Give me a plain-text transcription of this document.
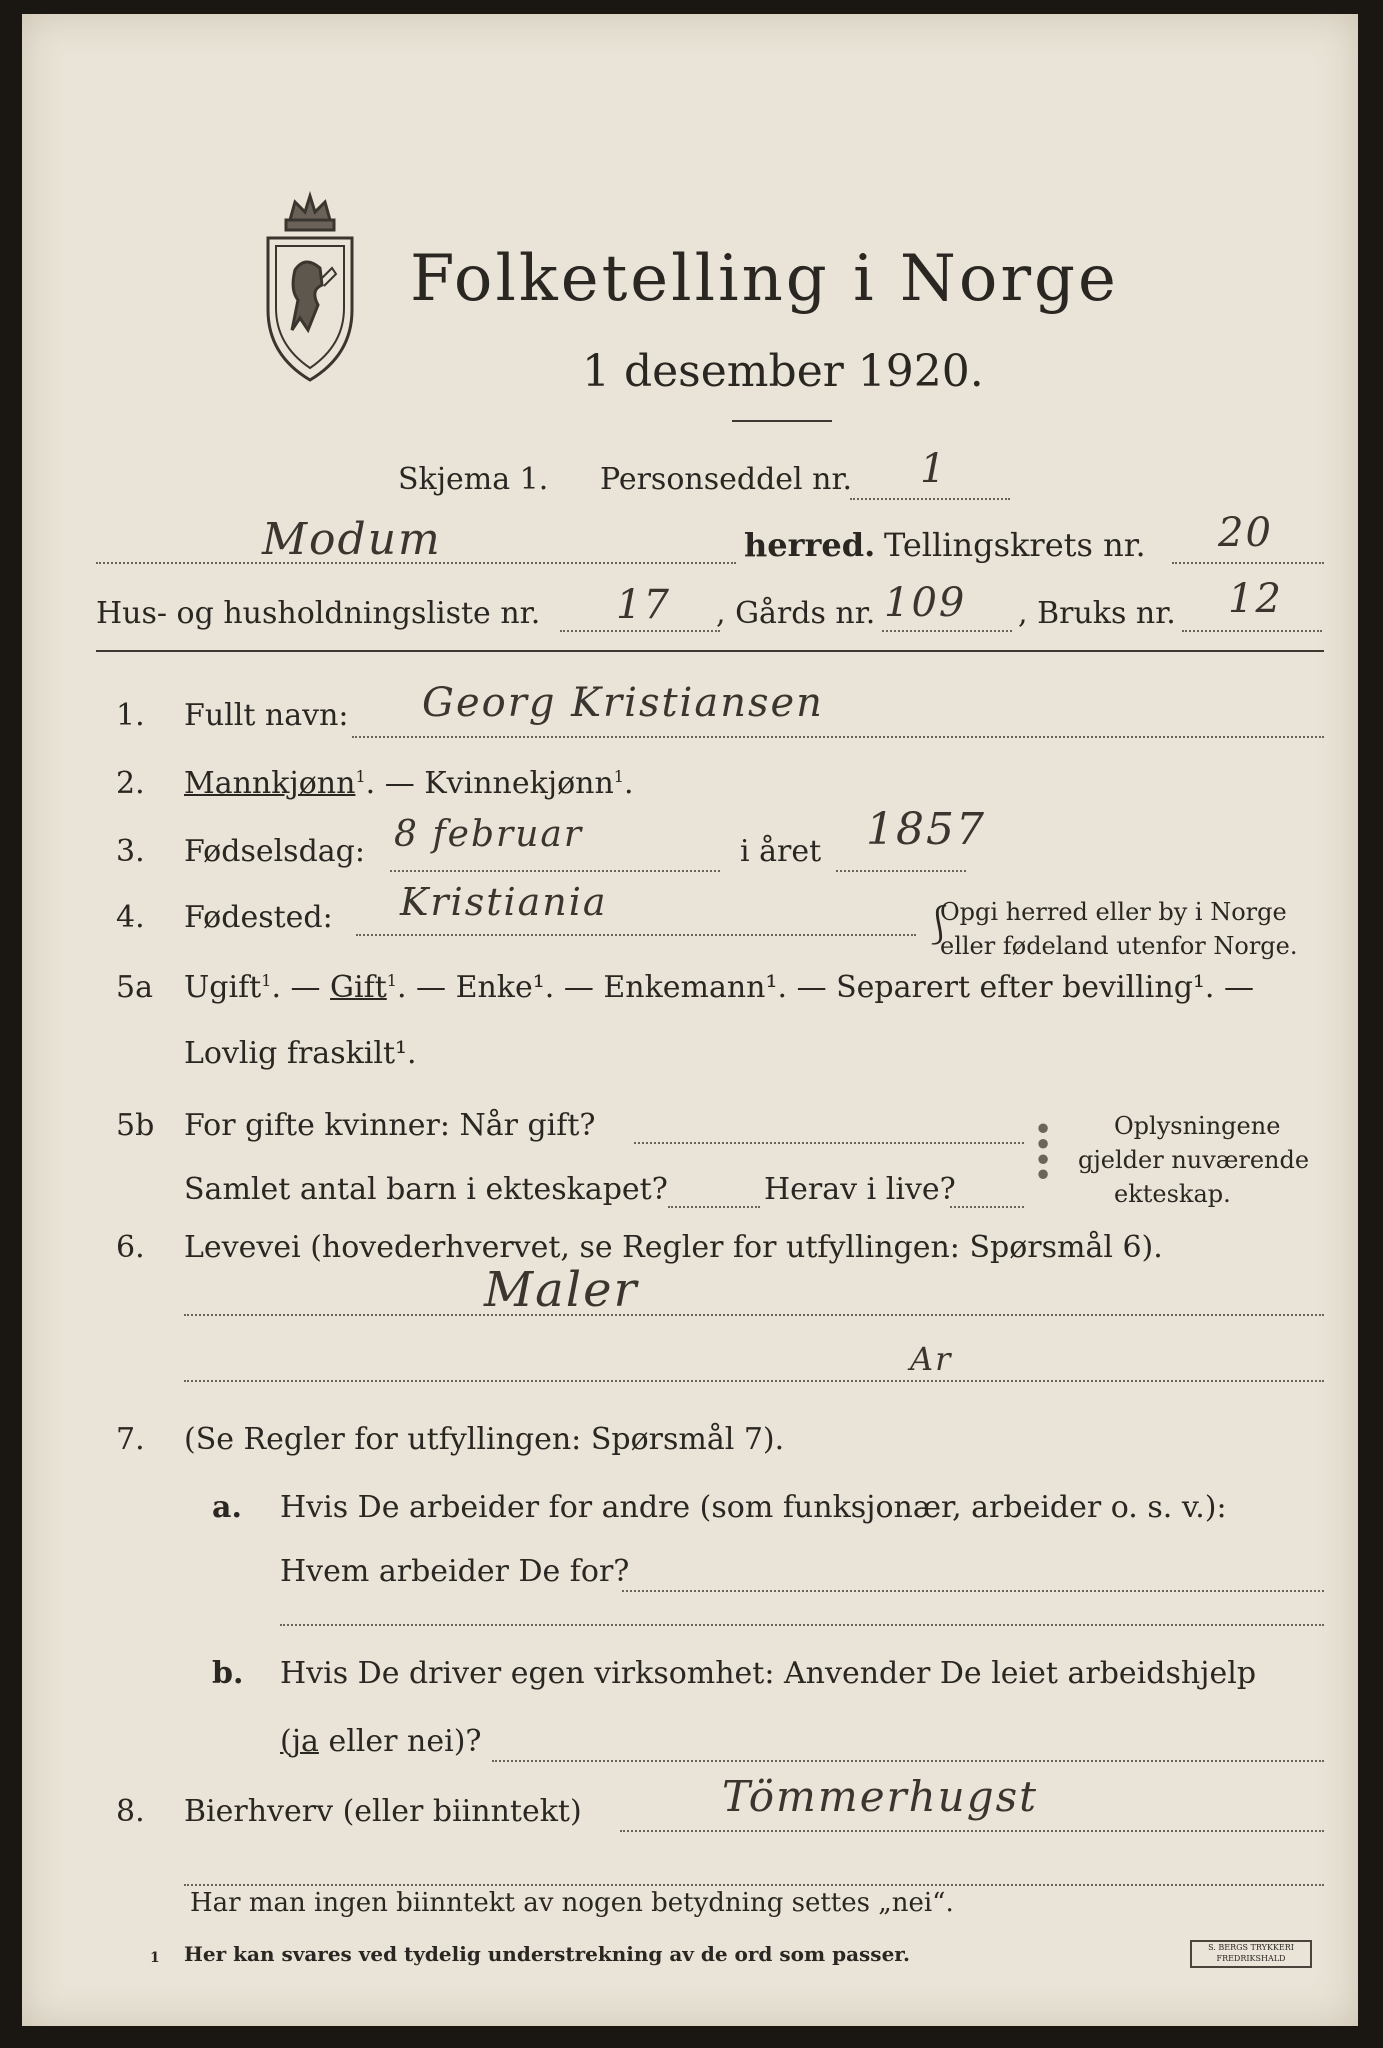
Folketelling i Norge
1 desember 1920.
Skjema 1. Personseddel nr. 1
Modum	herred. Tellingskrets nr. 20
Hus- og husholdningsliste nr. 17 , Gårds nr. 109 , Bruks nr. 12
1. Fullt navn: Georg Kristiansen
2. Mannkjønn$^1$. — Kvinnekjønn$^1$.
3. Fødselsdag: 8 februar	i året 1857
4. Fødested: Kristiania
⎰
Opgi herred eller by i Norge
eller fødeland utenfor Norge.
5a Ugift$^1$. — Gift$^1$. — Enke¹. — Enkemann¹. — Separert efter bevilling¹. —
Lovlig fraskilt¹.
5b For gifte kvinner: Når gift?
Samlet antal barn i ekteskapet?	Herav i live? ⁞ Oplysningene
gjelder nuværende
ekteskap.
6. Levevei (hovederhvervet, se Regler for utfyllingen: Spørsmål 6).
Maler
Ar
7. (Se Regler for utfyllingen: Spørsmål 7).
a. Hvis De arbeider for andre (som funksjonær, arbeider o. s. v.):
Hvem arbeider De for?
b. Hvis De driver egen virksomhet: Anvender De leiet arbeidshjelp
(ja eller nei)?
8. Bierhverv (eller biinntekt)	Tömmerhugst
Har man ingen biinntekt av nogen betydning settes „nei“.
1 Her kan svares ved tydelig understrekning av de ord som passer.	S. BERGS TRYKKERI FREDRIKSHALD
